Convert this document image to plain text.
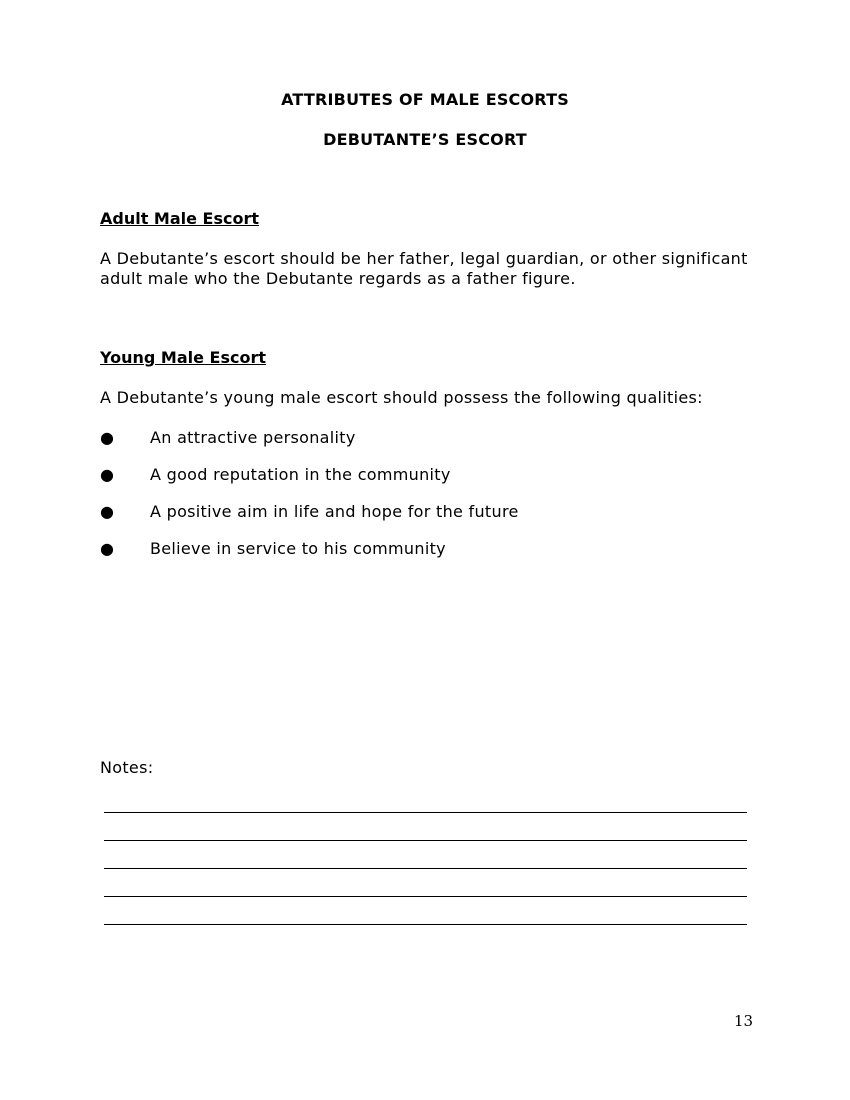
ATTRIBUTES OF MALE ESCORTS
DEBUTANTE’S ESCORT
Adult Male Escort
A Debutante’s escort should be her father, legal guardian, or other significant adult male who the Debutante regards as a father figure.
Young Male Escort
A Debutante’s young male escort should possess the following qualities:
●	An attractive personality
●	A good reputation in the community
●	A positive aim in life and hope for the future
●	Believe in service to his community
Notes:
13
